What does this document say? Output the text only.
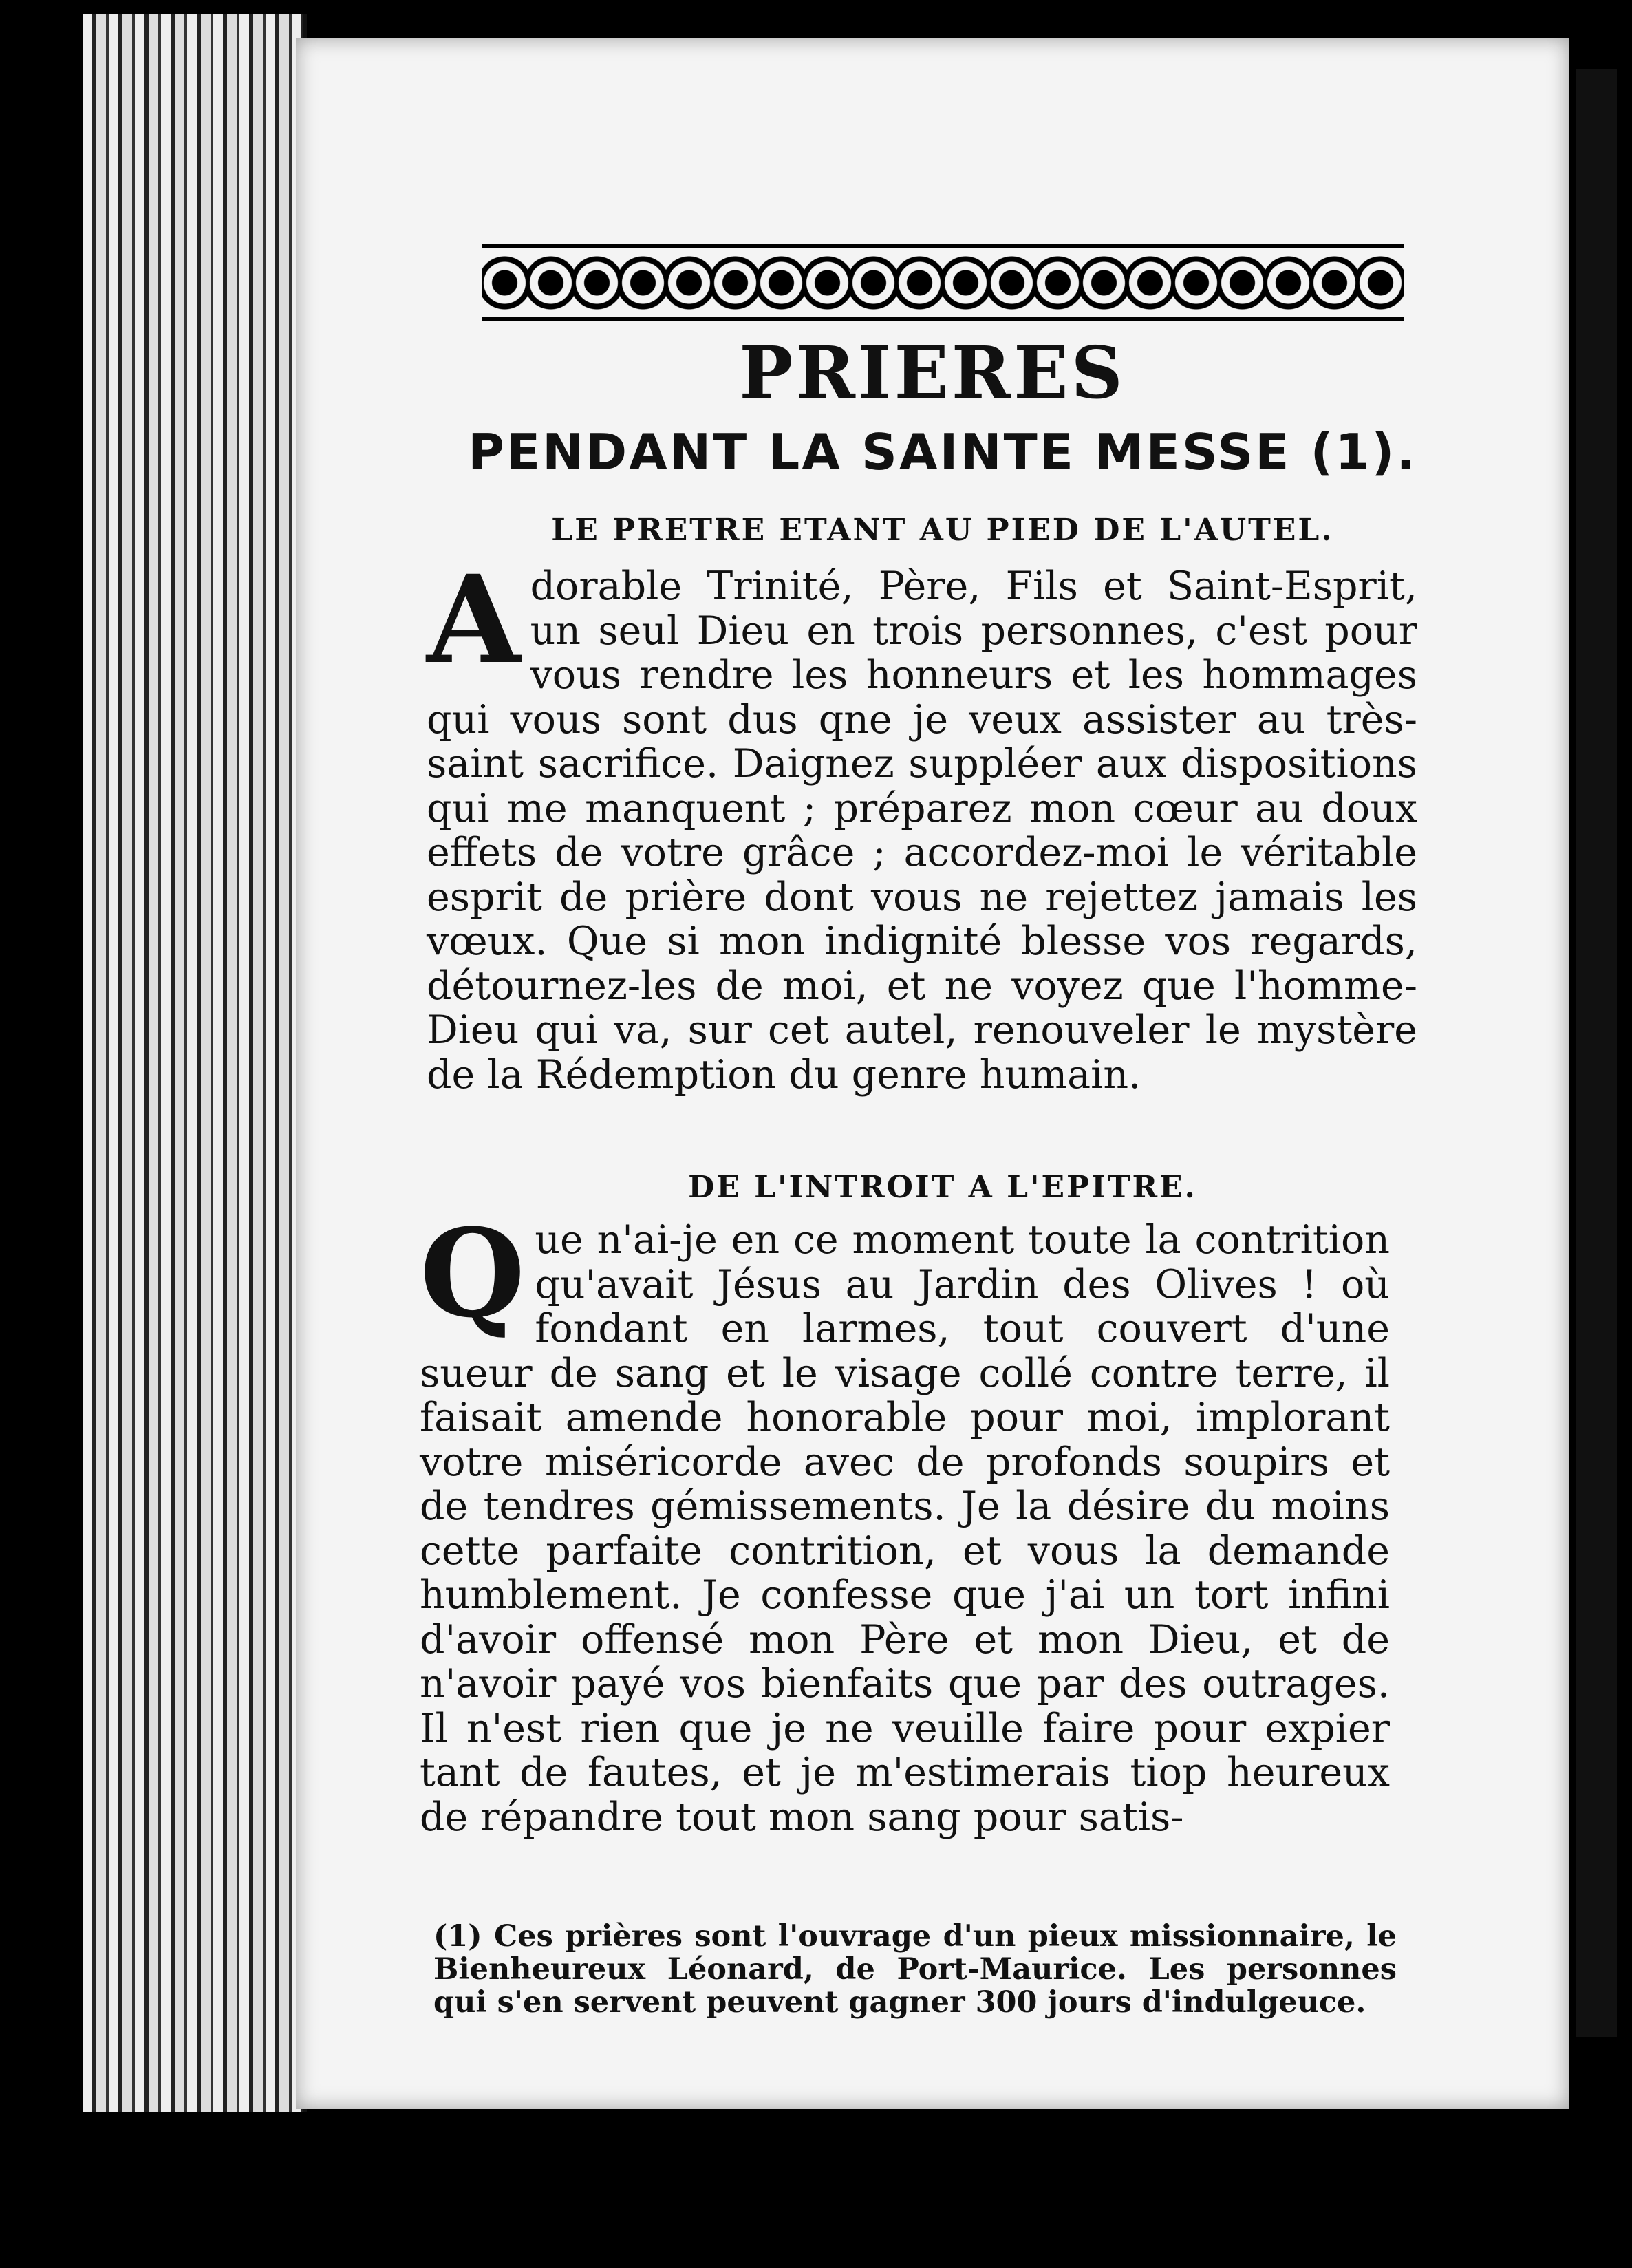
PRIERES
PENDANT LA SAINTE MESSE (1).
LE PRETRE ETANT AU PIED DE L'AUTEL.
Adorable Trinité, Père, Fils et Saint-Esprit, un seul Dieu en trois personnes, c'est pour vous rendre les honneurs et les hommages qui vous sont dus qne je veux assister au très-saint sacrifice. Daignez suppléer aux dispositions qui me manquent ; préparez mon cœur au doux effets de votre grâce ; accordez-moi le véritable esprit de prière dont vous ne rejettez jamais les vœux. Que si mon indignité blesse vos regards, détournez-les de moi, et ne voyez que l'homme-Dieu qui va, sur cet autel, renouveler le mystère de la Rédemption du genre humain.
DE L'INTROIT A L'EPITRE.
Que n'ai-je en ce moment toute la contrition qu'avait Jésus au Jardin des Olives ! où fondant en larmes, tout couvert d'une sueur de sang et le visage collé contre terre, il faisait amende honorable pour moi, implorant votre miséricorde avec de profonds soupirs et de tendres gémissements. Je la désire du moins cette parfaite contrition, et vous la demande humblement. Je confesse que j'ai un tort infini d'avoir offensé mon Père et mon Dieu, et de n'avoir payé vos bienfaits que par des outrages. Il n'est rien que je ne veuille faire pour expier tant de fautes, et je m'estimerais tiop heureux de répandre tout mon sang pour satis-
(1) Ces prières sont l'ouvrage d'un pieux missionnaire, le Bienheureux Léonard, de Port-Maurice. Les personnes qui s'en servent peuvent gagner 300 jours d'indulgeuce.
